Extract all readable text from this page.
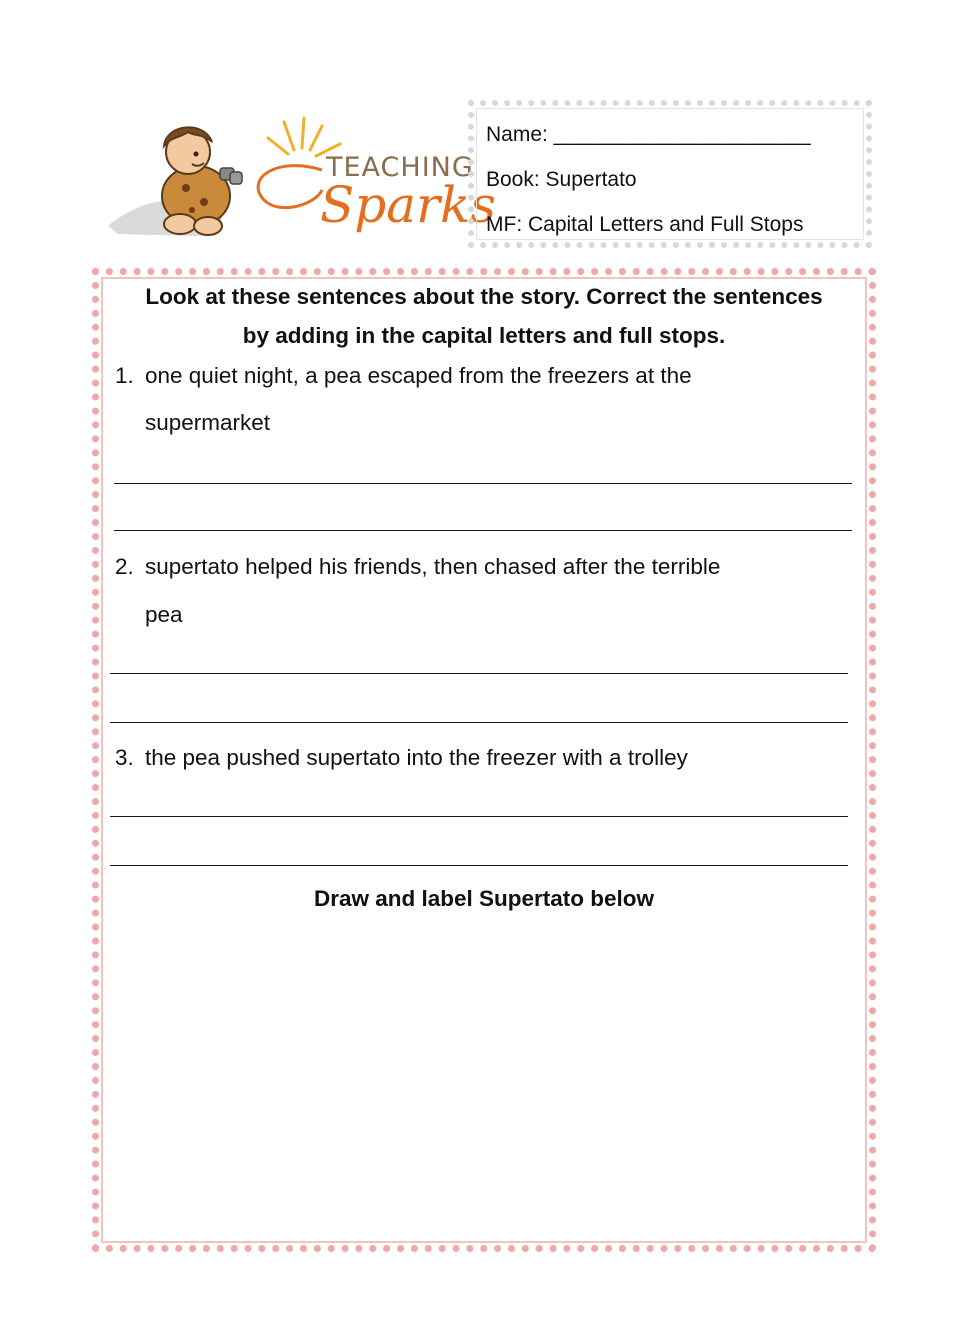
TEACHING
Sparks
Name: ______________________
Book: Supertato
MF: Capital Letters and Full Stops
Look at these sentences about the story. Correct the sentences
by adding in the capital letters and full stops.
1. one quiet night, a pea escaped from the freezers at the
supermarket
2. supertato helped his friends, then chased after the terrible
pea
3. the pea pushed supertato into the freezer with a trolley
Draw and label Supertato below
